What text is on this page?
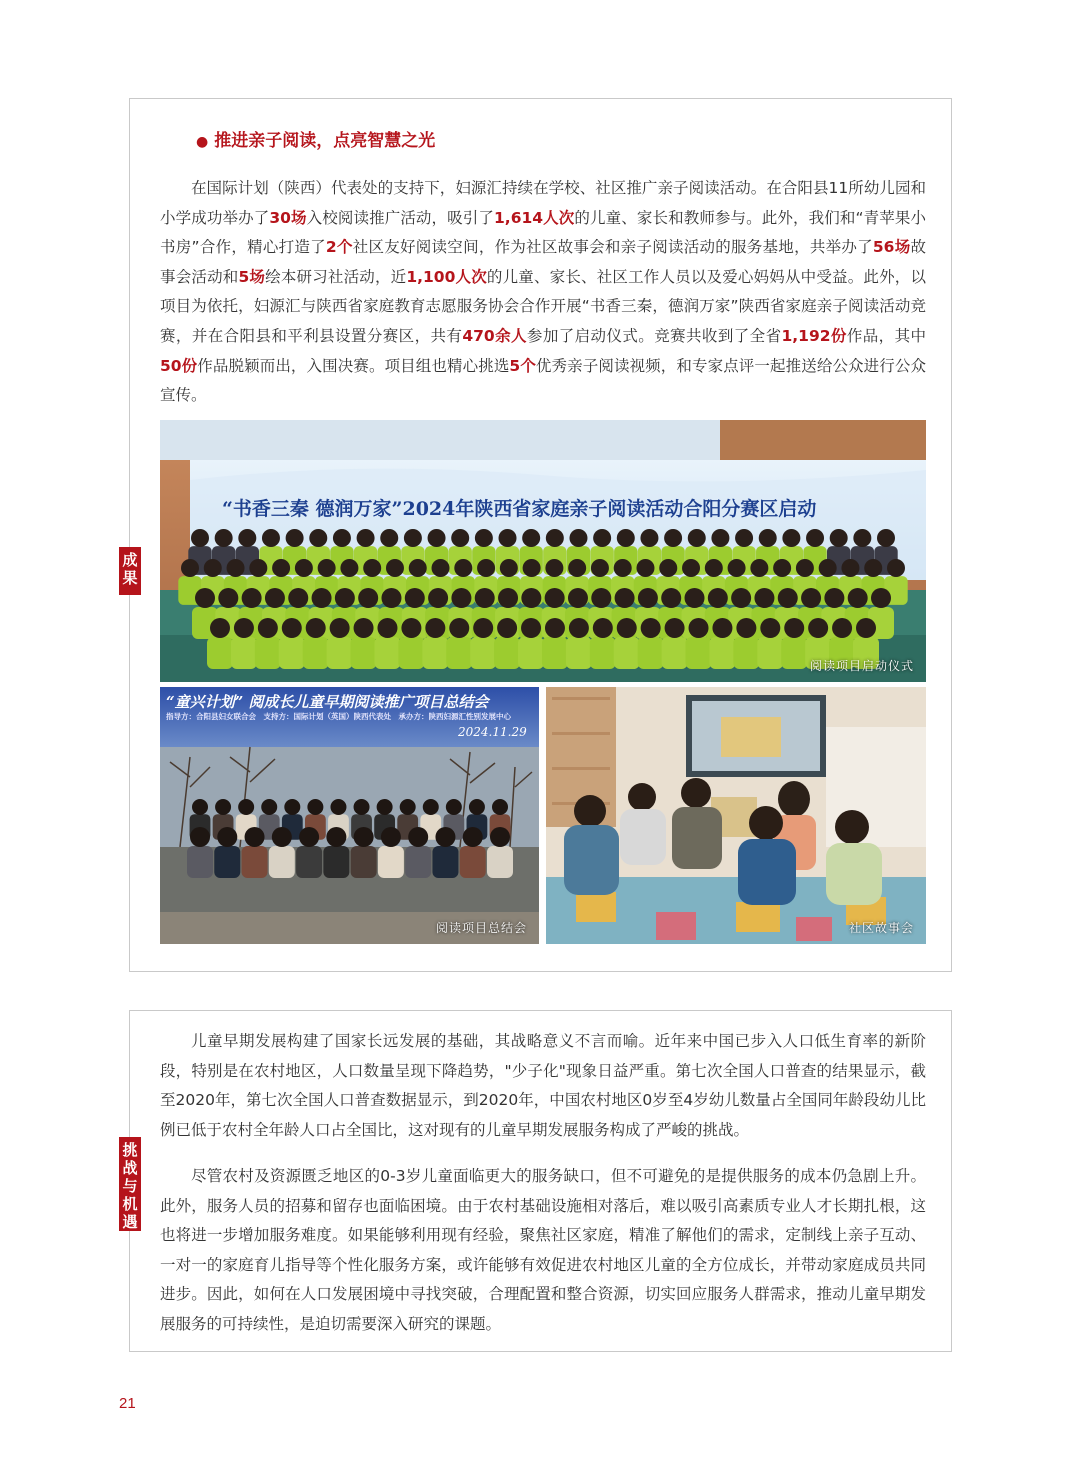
成果
挑战与机遇
● 推进亲子阅读，点亮智慧之光

在国际计划（陕西）代表处的支持下，妇源汇持续在学校、社区推广亲子阅读活动。在合阳县11所幼儿园和小学成功举办了30场入校阅读推广活动，吸引了1,614人次的儿童、家长和教师参与。此外，我们和“青苹果小书房”合作，精心打造了2个社区友好阅读空间，作为社区故事会和亲子阅读活动的服务基地，共举办了56场故事会活动和5场绘本研习社活动，近1,100人次的儿童、家长、社区工作人员以及爱心妈妈从中受益。此外，以项目为依托，妇源汇与陕西省家庭教育志愿服务协会合作开展“书香三秦，德润万家”陕西省家庭亲子阅读活动竞赛，并在合阳县和平利县设置分赛区，共有470余人参加了启动仪式。竞赛共收到了全省1,192份作品，其中50份作品脱颖而出，入围决赛。项目组也精心挑选5个优秀亲子阅读视频，和专家点评一起推送给公众进行公众宣传。

“书香三秦 德润万家”2024年陕西省家庭亲子阅读活动合阳分赛区启动
阅读项目启动仪式
“童兴计划” 阅成长儿童早期阅读推广项目总结会
指导方：合阳县妇女联合会　支持方：国际计划（英国）陕西代表处　承办方：陕西妇源汇性别发展中心
2024.11.29
阅读项目总结会	社区故事会

儿童早期发展构建了国家长远发展的基础，其战略意义不言而喻。近年来中国已步入人口低生育率的新阶段，特别是在农村地区，人口数量呈现下降趋势，"少子化"现象日益严重。第七次全国人口普查的结果显示，截至2020年，第七次全国人口普查数据显示，到2020年，中国农村地区0岁至4岁幼儿数量占全国同年龄段幼儿比例已低于农村全年龄人口占全国比，这对现有的儿童早期发展服务构成了严峻的挑战。

尽管农村及资源匮乏地区的0-3岁儿童面临更大的服务缺口，但不可避免的是提供服务的成本仍急剧上升。此外，服务人员的招募和留存也面临困境。由于农村基础设施相对落后，难以吸引高素质专业人才长期扎根，这也将进一步增加服务难度。如果能够利用现有经验，聚焦社区家庭，精准了解他们的需求，定制线上亲子互动、一对一的家庭育儿指导等个性化服务方案，或许能够有效促进农村地区儿童的全方位成长，并带动家庭成员共同进步。因此，如何在人口发展困境中寻找突破，合理配置和整合资源，切实回应服务人群需求，推动儿童早期发展服务的可持续性，是迫切需要深入研究的课题。

21
